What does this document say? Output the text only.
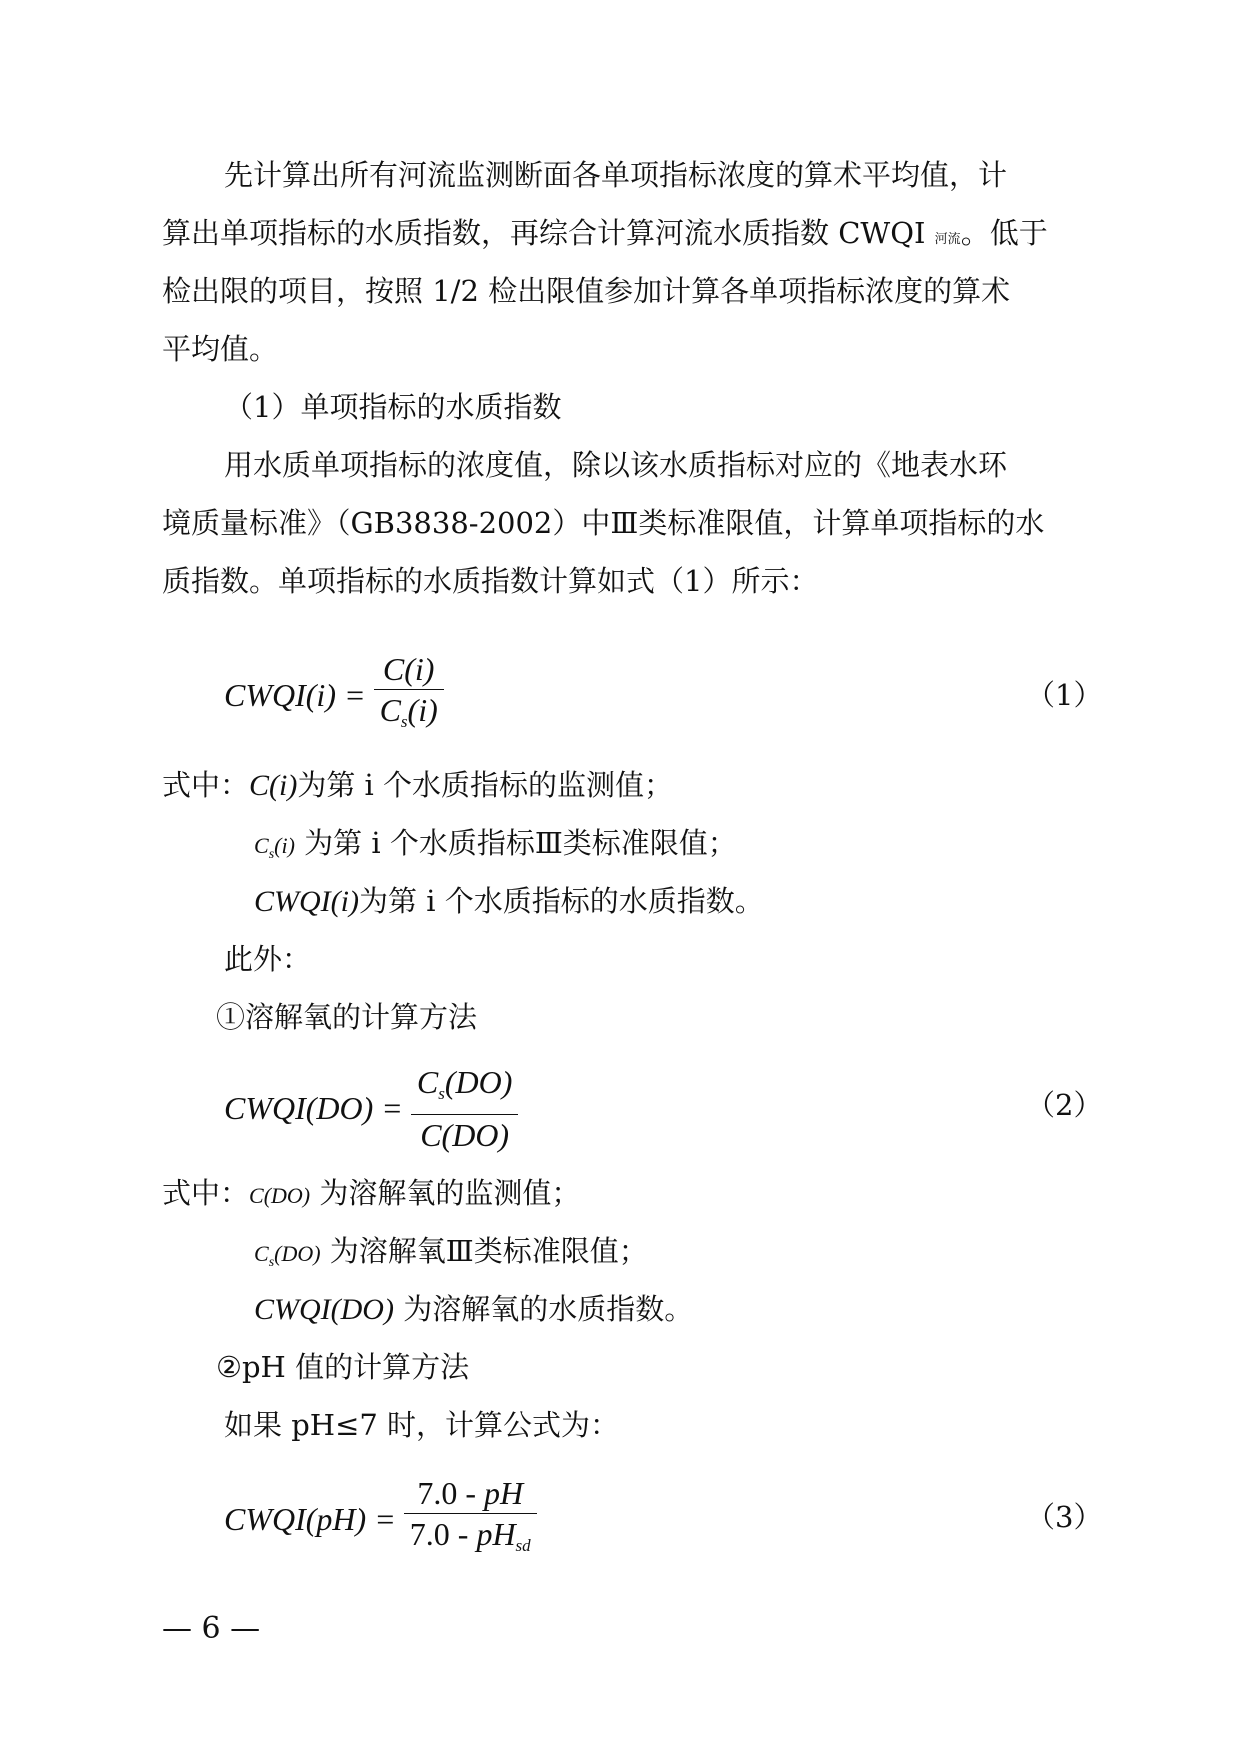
先计算出所有河流监测断面各单项指标浓度的算术平均值，计
算出单项指标的水质指数，再综合计算河流水质指数 CWQI 河流。低于
检出限的项目，按照 1/2 检出限值参加计算各单项指标浓度的算术
平均值。
（1）单项指标的水质指数
用水质单项指标的浓度值，除以该水质指标对应的《地表水环
境质量标准》（GB3838-2002）中Ⅲ类标准限值，计算单项指标的水
质指数。单项指标的水质指数计算如式（1）所示：
CWQI(i) = $\frac{C(i)}{Cs(i)}$	（1）
式中：C(i)为第 i 个水质指标的监测值；
$C_s(i)$ 为第 i 个水质指标Ⅲ类标准限值；
CWQI(i)为第 i 个水质指标的水质指数。
此外：
①溶解氧的计算方法
CWQI(DO) = $\frac{Cs(DO)}{C(DO)}$	（2）
式中：C(DO) 为溶解氧的监测值；
$C_s(DO)$ 为溶解氧Ⅲ类标准限值；
CWQI(DO) 为溶解氧的水质指数。
②pH 值的计算方法
如果 pH≤7 时，计算公式为：
CWQI(pH) = $\frac{7.0 - pH}{\text{7.0 - pHsd}}$	（3）
— 6 —
